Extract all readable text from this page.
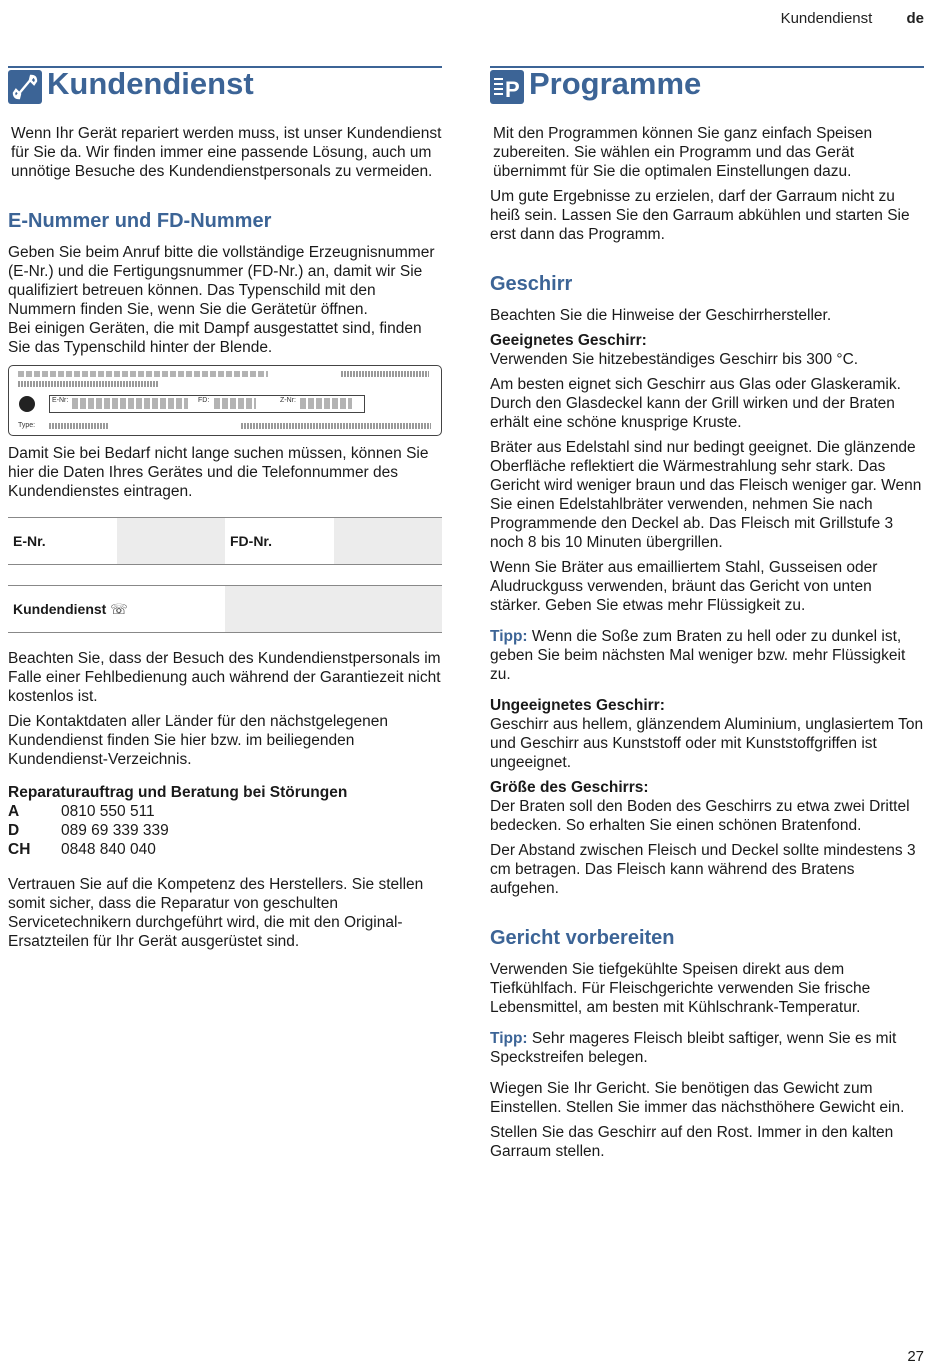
Kundendienst de
Kundendienst

Wenn Ihr Gerät repariert werden muss, ist unser Kundendienst für Sie da. Wir finden immer eine passende Lösung, auch um unnötige Besuche des Kundendienstpersonals zu vermeiden.

E-Nummer und FD-Nummer

Geben Sie beim Anruf bitte die vollständige Erzeugnisnummer (E-Nr.) und die Fertigungsnummer (FD-Nr.) an, damit wir Sie qualifiziert betreuen können. Das Typenschild mit den Nummern finden Sie, wenn Sie die Gerätetür öffnen.

Bei einigen Geräten, die mit Dampf ausgestattet sind, finden Sie das Typenschild hinter der Blende.

E-Nr:	FD:	Z-Nr:
Type:

Damit Sie bei Bedarf nicht lange suchen müssen, können Sie hier die Daten Ihres Gerätes und die Telefonnummer des Kundendienstes eintragen.

E-Nr.	FD-Nr.
Kundendienst ☏

Beachten Sie, dass der Besuch des Kundendienstpersonals im Falle einer Fehlbedienung auch während der Garantiezeit nicht kostenlos ist.

Die Kontaktdaten aller Länder für den nächstgelegenen Kundendienst finden Sie hier bzw. im beiliegenden Kundendienst-Verzeichnis.

Reparaturauftrag und Beratung bei Störungen

A	0810 550 511
D	089 69 339 339
CH	0848 840 040

Vertrauen Sie auf die Kompetenz des Herstellers. Sie stellen somit sicher, dass die Reparatur von geschulten Servicetechnikern durchgeführt wird, die mit den Original-Ersatzteilen für Ihr Gerät ausgerüstet sind.

P Programme

Mit den Programmen können Sie ganz einfach Speisen zubereiten. Sie wählen ein Programm und das Gerät übernimmt für Sie die optimalen Einstellungen dazu.

Um gute Ergebnisse zu erzielen, darf der Garraum nicht zu heiß sein. Lassen Sie den Garraum abkühlen und starten Sie erst dann das Programm.

Geschirr

Beachten Sie die Hinweise der Geschirrhersteller.

Geeignetes Geschirr:
Verwenden Sie hitzebeständiges Geschirr bis 300 °C.

Am besten eignet sich Geschirr aus Glas oder Glaskeramik. Durch den Glasdeckel kann der Grill wirken und der Braten erhält eine schöne knusprige Kruste.

Bräter aus Edelstahl sind nur bedingt geeignet. Die glänzende Oberfläche reflektiert die Wärmestrahlung sehr stark. Das Gericht wird weniger braun und das Fleisch weniger gar. Wenn Sie einen Edelstahlbräter verwenden, nehmen Sie nach Programmende den Deckel ab. Das Fleisch mit Grillstufe 3 noch 8 bis 10 Minuten übergrillen.

Wenn Sie Bräter aus emailliertem Stahl, Gusseisen oder Aludruckguss verwenden, bräunt das Gericht von unten stärker. Geben Sie etwas mehr Flüssigkeit zu.

Tipp: Wenn die Soße zum Braten zu hell oder zu dunkel ist, geben Sie beim nächsten Mal weniger bzw. mehr Flüssigkeit zu.

Ungeeignetes Geschirr:
Geschirr aus hellem, glänzendem Aluminium, unglasiertem Ton und Geschirr aus Kunststoff oder mit Kunststoffgriffen ist ungeeignet.

Größe des Geschirrs:
Der Braten soll den Boden des Geschirrs zu etwa zwei Drittel bedecken. So erhalten Sie einen schönen Bratenfond.

Der Abstand zwischen Fleisch und Deckel sollte mindestens 3 cm betragen. Das Fleisch kann während des Bratens aufgehen.

Gericht vorbereiten

Verwenden Sie tiefgekühlte Speisen direkt aus dem Tiefkühlfach. Für Fleischgerichte verwenden Sie frische Lebensmittel, am besten mit Kühlschrank-Temperatur.

Tipp: Sehr mageres Fleisch bleibt saftiger, wenn Sie es mit Speckstreifen belegen.

Wiegen Sie Ihr Gericht. Sie benötigen das Gewicht zum Einstellen. Stellen Sie immer das nächsthöhere Gewicht ein.

Stellen Sie das Geschirr auf den Rost. Immer in den kalten Garraum stellen.

27
